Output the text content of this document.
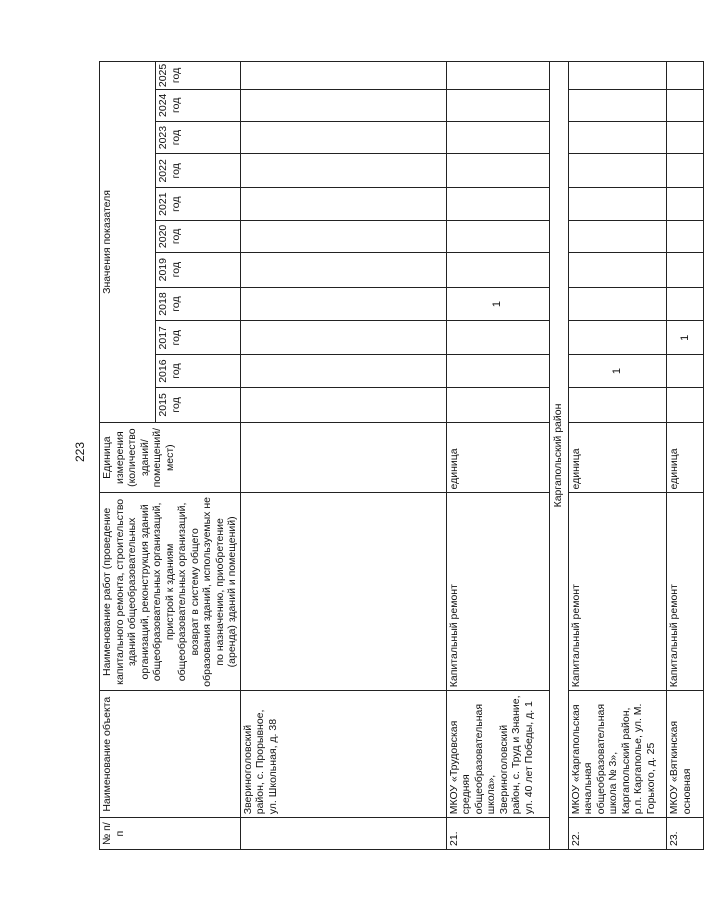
223
№ п/п	Наименование объекта	Наименование работ (проведение капитального ремонта, строительство зданий общеобразовательных организаций, реконструкция зданий общеобразовательных организаций, пристрой к зданиям общеобразовательных организаций, возврат в систему общего образования зданий, используемых не по назначению, приобретение (аренда) зданий и помещений)	Единица измерения (количество зданий/ помещений/ мест)	Значения показателя										
				2015 год	2016 год	2017 год	2018 год	2019 год	2020 год	2021 год	2022 год	2023 год	2024 год	2025 год
	Звериноголовский район, с. Прорывное, ул. Школьная, д. 38													
21.	МКОУ «Трудовская средняя общеобразовательная школа», Звериноголовский район, с. Труд и Знание, ул. 40 лет Победы, д. 1	Капитальный ремонт	единица				1							
Каргапольский район														
22.	МКОУ «Каргапольская начальная общеобразовательная школа № 3», Каргапольский район, р.п. Каргаполье, ул. М. Горького, д. 25	Капитальный ремонт	единица		1									
23.	МКОУ «Вяткинская основная	Капитальный ремонт	единица			1								
